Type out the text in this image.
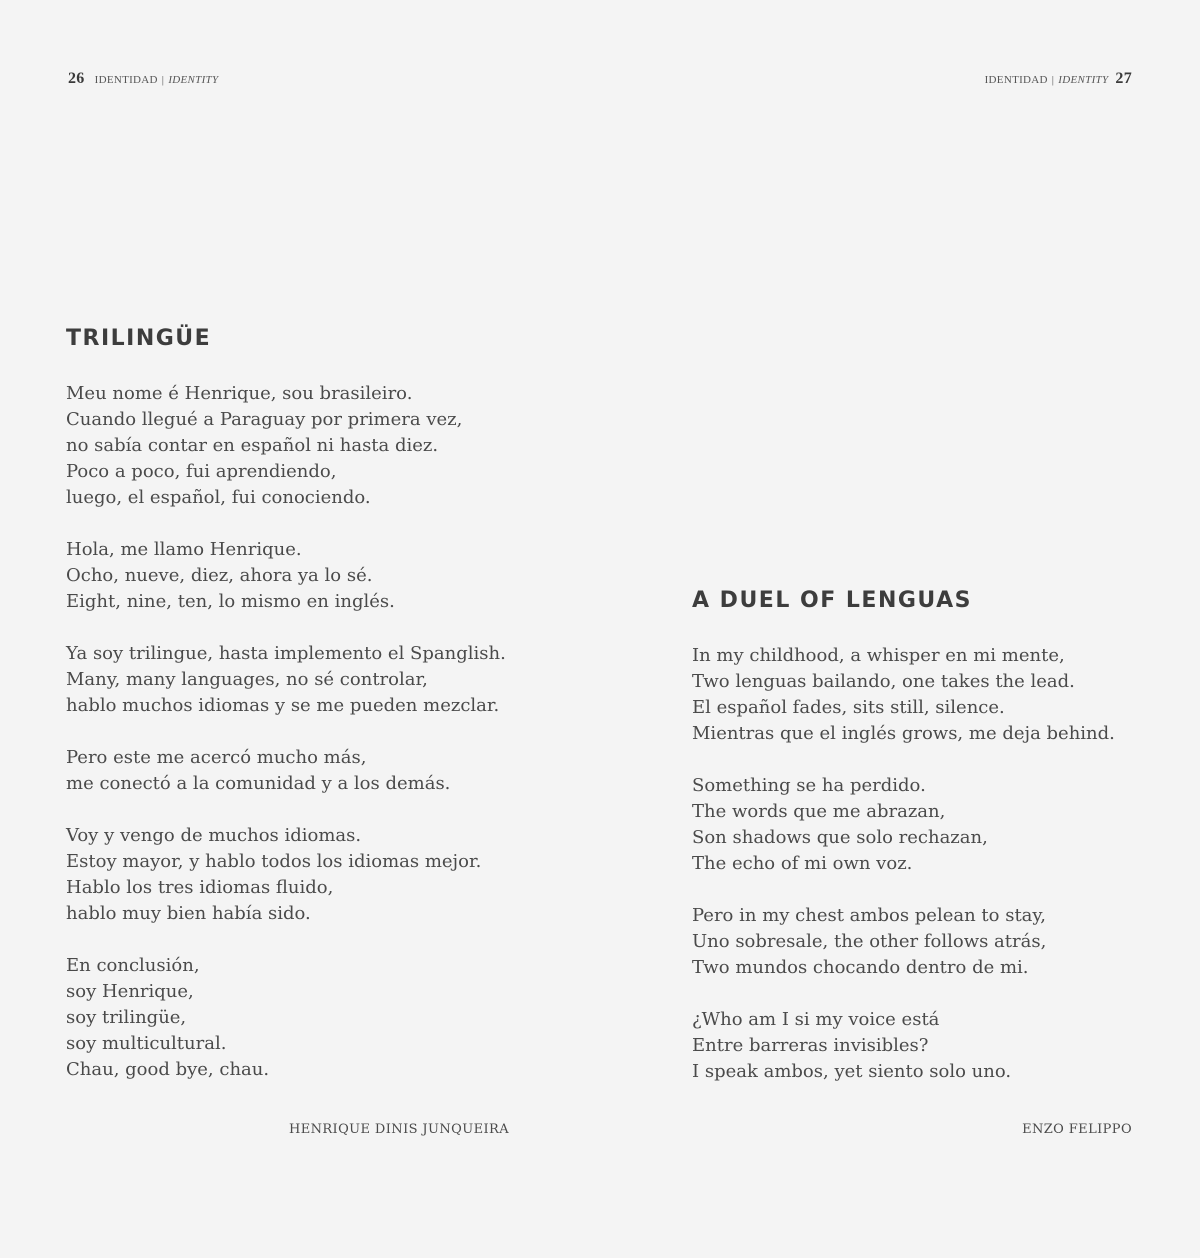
26 IDENTIDAD | IDENTITY
TRILINGÜE

Meu nome é Henrique, sou brasileiro.
Cuando llegué a Paraguay por primera vez,
no sabía contar en español ni hasta diez.
Poco a poco, fui aprendiendo,
luego, el español, fui conociendo.

Hola, me llamo Henrique.
Ocho, nueve, diez, ahora ya lo sé.
Eight, nine, ten, lo mismo en inglés.

Ya soy trilingue, hasta implemento el Spanglish.
Many, many languages, no sé controlar,
hablo muchos idiomas y se me pueden mezclar.

Pero este me acercó mucho más,
me conectó a la comunidad y a los demás.

Voy y vengo de muchos idiomas.
Estoy mayor, y hablo todos los idiomas mejor.
Hablo los tres idiomas fluido,
hablo muy bien había sido.

En conclusión,
soy Henrique,
soy trilingüe,
soy multicultural.
Chau, good bye, chau.

HENRIQUE DINIS JUNQUEIRA
IDENTIDAD | IDENTITY 27
A DUEL OF LENGUAS

In my childhood, a whisper en mi mente,
Two lenguas bailando, one takes the lead.
El español fades, sits still, silence.
Mientras que el inglés grows, me deja behind.

Something se ha perdido.
The words que me abrazan,
Son shadows que solo rechazan,
The echo of mi own voz.

Pero in my chest ambos pelean to stay,
Uno sobresale, the other follows atrás,
Two mundos chocando dentro de mi.

¿Who am I si my voice está
Entre barreras invisibles?
I speak ambos, yet siento solo uno.

ENZO FELIPPO
